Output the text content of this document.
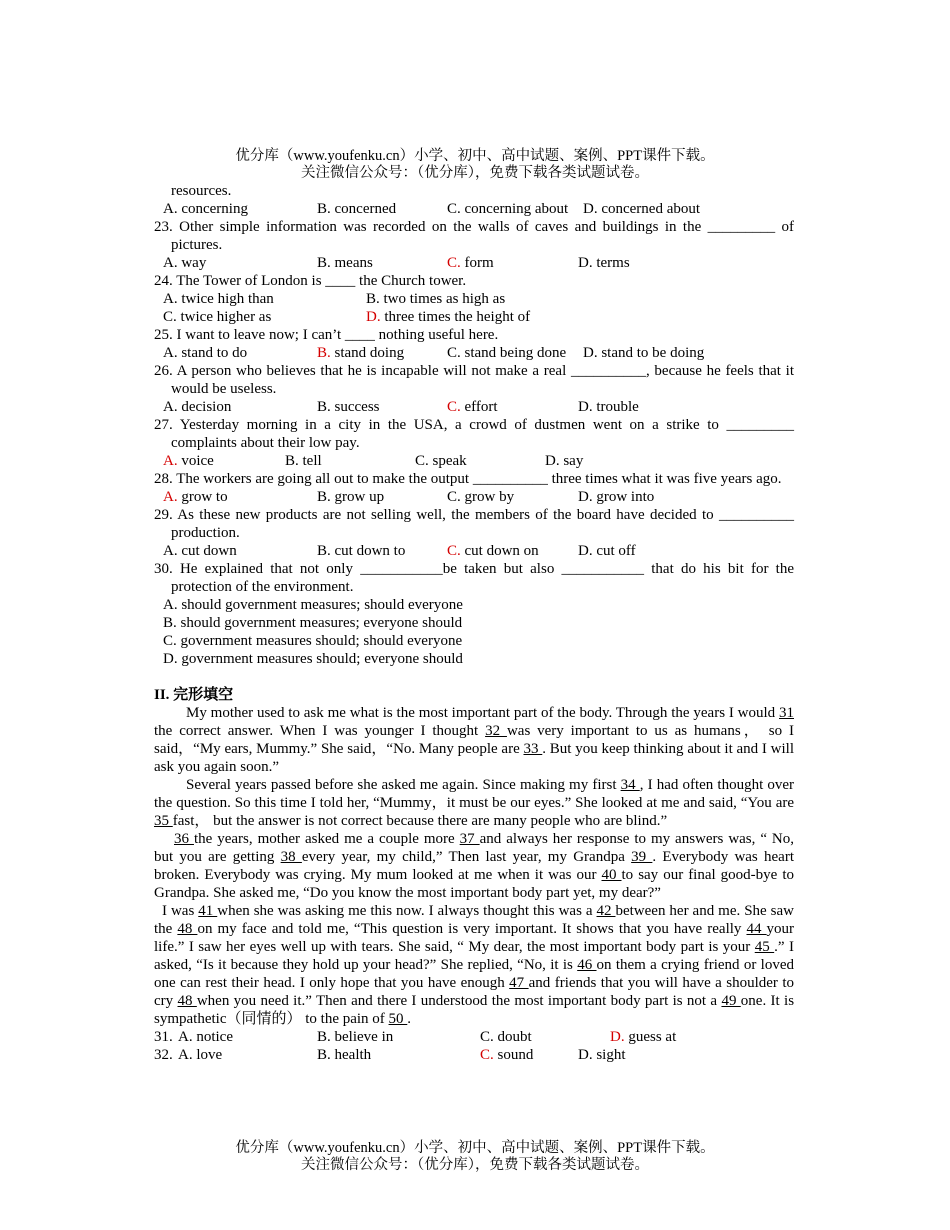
优分库（www.youfenku.cn）小学、初中、高中试题、案例、PPT课件下载。
关注微信公众号：（优分库），免费下载各类试题试卷。
resources.
A. concerning	B. concerned	C. concerning about D. concerned about
23. Other simple information was recorded on the walls of caves and buildings in the _________ of pictures.
A. way	B. means	C. form	D. terms
24. The Tower of London is ____ the Church tower.
A. twice high than	B. two times as high as
C. twice higher as	D. three times the height of
25. I want to leave now; I can’t ____ nothing useful here.
A. stand to do	B. stand doing	C. stand being done D. stand to be doing
26. A person who believes that he is incapable will not make a real __________, because he feels that it would be useless.
A. decision	B. success	C. effort	D. trouble
27. Yesterday morning in a city in the USA, a crowd of dustmen went on a strike to _________ complaints about their low pay.
A. voice	B. tell	C. speak	D. say
28. The workers are going all out to make the output __________ three times what it was five years ago.
A. grow to	B. grow up	C. grow by	D. grow into
29. As these new products are not selling well, the members of the board have decided to __________ production.
A. cut down	B. cut down to	C. cut down on	D. cut off
30. He explained that not only ___________be taken but also ___________ that do his bit for the protection of the environment.
A. should government measures; should everyone
B. should government measures; everyone should
C. government measures should; should everyone
D. government measures should; everyone should
II. 完形填空
My mother used to ask me what is the most important part of the body. Through the years I would 31 the correct answer. When I was younger I thought 32 was very important to us as humans， so I said，“My ears, Mummy.” She said，“No. Many people are 33 . But you keep thinking about it and I will ask you again soon.”
Several years passed before she asked me again. Since making my first 34 , I had often thought over the question. So this time I told her, “Mummy，it must be our eyes.” She looked at me and said, “You are 35 fast， but the answer is not correct because there are many people who are blind.”
36 the years, mother asked me a couple more 37 and always her response to my answers was, “ No, but you are getting 38 every year, my child,” Then last year, my Grandpa 39 . Everybody was heart broken. Everybody was crying. My mum looked at me when it was our 40 to say our final good-bye to Grandpa. She asked me, “Do you know the most important body part yet, my dear?”
I was 41 when she was asking me this now. I always thought this was a 42 between her and me. She saw the 48 on my face and told me, “This question is very important. It shows that you have really 44 your life.” I saw her eyes well up with tears. She said, “ My dear, the most important body part is your 45 .” I asked, “Is it because they hold up your head?” She replied, “No, it is 46 on them a crying friend or loved one can rest their head. I only hope that you have enough 47 and friends that you will have a shoulder to cry 48 when you need it.” Then and there I understood the most important body part is not a 49 one. It is sympathetic（同情的） to the pain of 50 .
31. A. notice	B. believe in	C. doubt	D. guess at
32. A. love	B. health	C. sound	D. sight
优分库（www.youfenku.cn）小学、初中、高中试题、案例、PPT课件下载。
关注微信公众号：（优分库），免费下载各类试题试卷。
